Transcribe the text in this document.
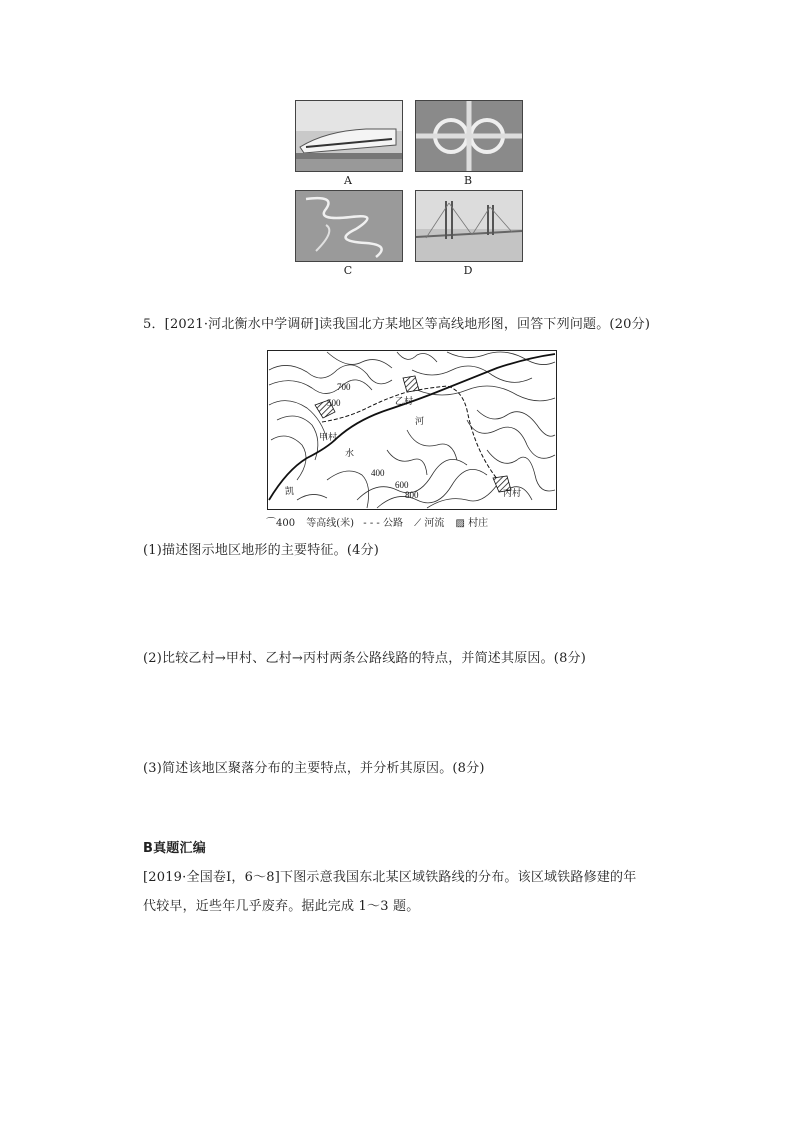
A	B
C	D
5．[2021·河北衡水中学调研]读我国北方某地区等高线地形图，回答下列问题。(20分)
700
500
400
600
800
乙村
甲村
丙村
河
水
凯
⌒400 等高线(米) - - - 公路 ⟋ 河流 ▨ 村庄
(1)描述图示地区地形的主要特征。(4分)
(2)比较乙村→甲村、乙村→丙村两条公路线路的特点，并简述其原因。(8分)
(3)简述该地区聚落分布的主要特点，并分析其原因。(8分)
B真题汇编
[2019·全国卷Ⅰ，6～8]下图示意我国东北某区域铁路线的分布。该区域铁路修建的年
代较早，近些年几乎废弃。据此完成 1～3 题。
